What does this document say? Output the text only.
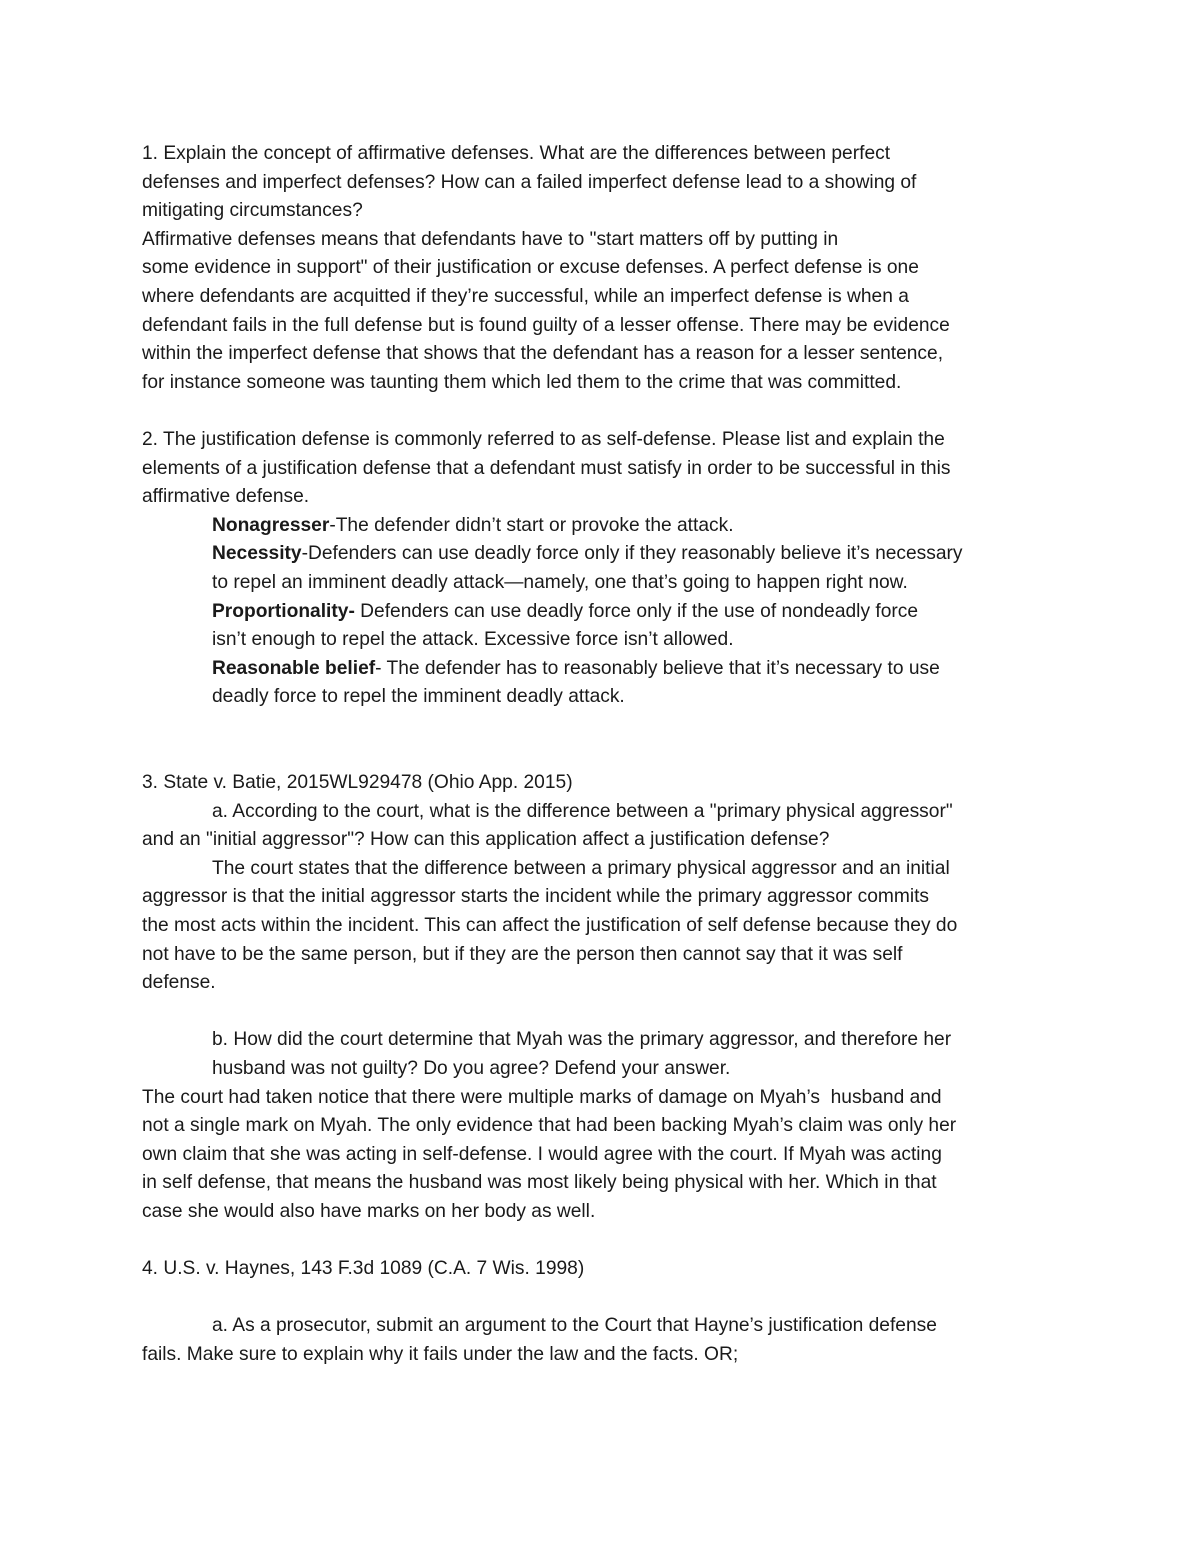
1. Explain the concept of affirmative defenses. What are the differences between perfect
defenses and imperfect defenses? How can a failed imperfect defense lead to a showing of
mitigating circumstances?
Affirmative defenses means that defendants have to "start matters off by putting in
some evidence in support" of their justification or excuse defenses. A perfect defense is one
where defendants are acquitted if they’re successful, while an imperfect defense is when a
defendant fails in the full defense but is found guilty of a lesser offense. There may be evidence
within the imperfect defense that shows that the defendant has a reason for a lesser sentence,
for instance someone was taunting them which led them to the crime that was committed.
2. The justification defense is commonly referred to as self-defense. Please list and explain the
elements of a justification defense that a defendant must satisfy in order to be successful in this
affirmative defense.
Nonagresser-The defender didn’t start or provoke the attack.
Necessity-Defenders can use deadly force only if they reasonably believe it’s necessary
to repel an imminent deadly attack—namely, one that’s going to happen right now.
Proportionality- Defenders can use deadly force only if the use of nondeadly force
isn’t enough to repel the attack. Excessive force isn’t allowed.
Reasonable belief- The defender has to reasonably believe that it’s necessary to use
deadly force to repel the imminent deadly attack.
3. State v. Batie, 2015WL929478 (Ohio App. 2015)
a. According to the court, what is the difference between a "primary physical aggressor"
and an "initial aggressor"? How can this application affect a justification defense?
The court states that the difference between a primary physical aggressor and an initial
aggressor is that the initial aggressor starts the incident while the primary aggressor commits
the most acts within the incident. This can affect the justification of self defense because they do
not have to be the same person, but if they are the person then cannot say that it was self
defense.
b. How did the court determine that Myah was the primary aggressor, and therefore her
husband was not guilty? Do you agree? Defend your answer.
The court had taken notice that there were multiple marks of damage on Myah’s  husband and
not a single mark on Myah. The only evidence that had been backing Myah’s claim was only her
own claim that she was acting in self-defense. I would agree with the court. If Myah was acting
in self defense, that means the husband was most likely being physical with her. Which in that
case she would also have marks on her body as well.
4. U.S. v. Haynes, 143 F.3d 1089 (C.A. 7 Wis. 1998)
a. As a prosecutor, submit an argument to the Court that Hayne’s justification defense
fails. Make sure to explain why it fails under the law and the facts. OR;
